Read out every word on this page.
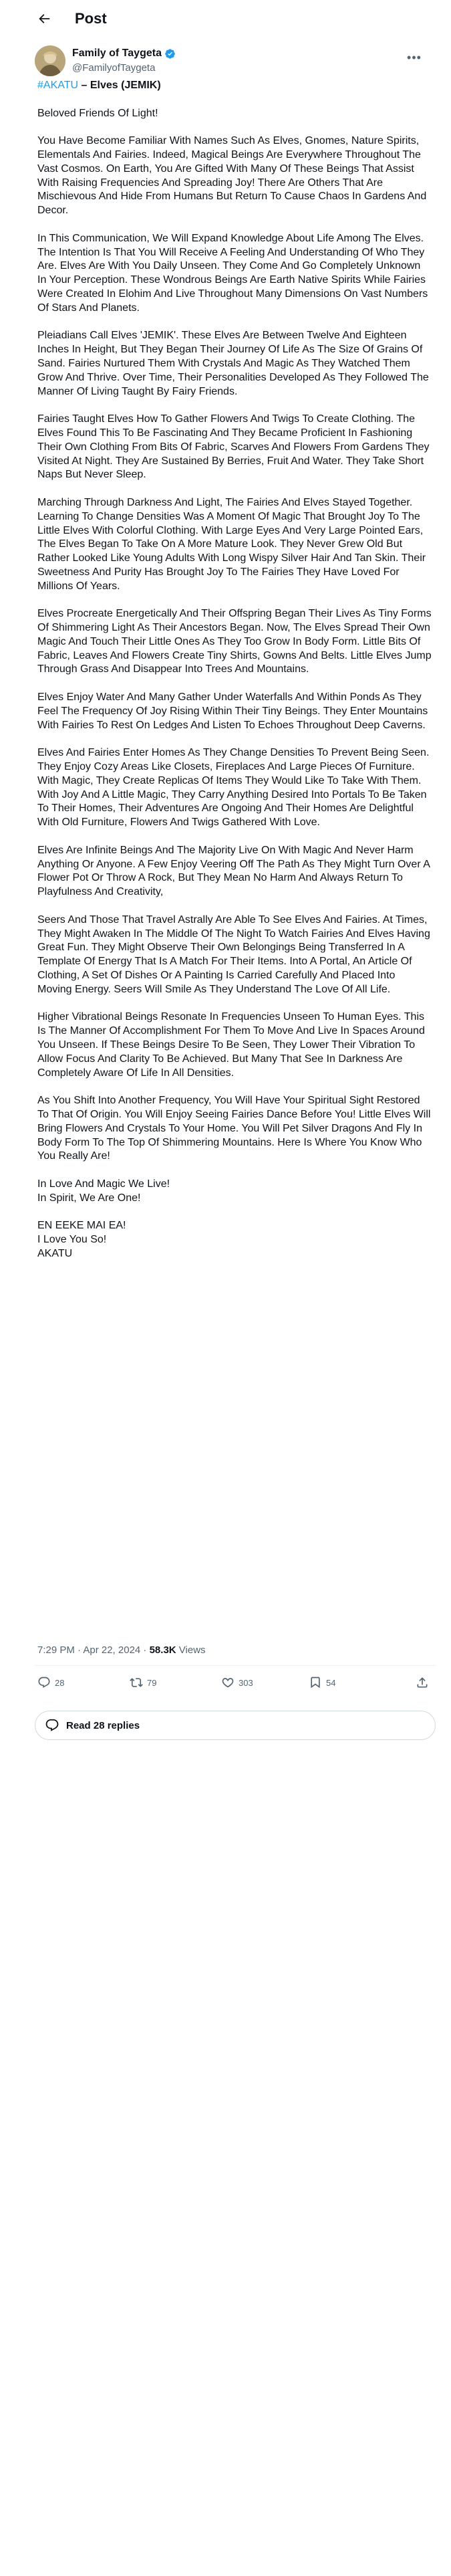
Post
Family of Taygeta
@FamilyofTaygeta
•••

#AKATU – Elves (JEMIK)

Beloved Friends Of Light!

You Have Become Familiar With Names Such As Elves, Gnomes, Nature Spirits, Elementals And Fairies. Indeed, Magical Beings Are Everywhere Throughout The Vast Cosmos. On Earth, You Are Gifted With Many Of These Beings That Assist With Raising Frequencies And Spreading Joy! There Are Others That Are Mischievous And Hide From Humans But Return To Cause Chaos In Gardens And Decor.

In This Communication, We Will Expand Knowledge About Life Among The Elves. The Intention Is That You Will Receive A Feeling And Understanding Of Who They Are. Elves Are With You Daily Unseen. They Come And Go Completely Unknown In Your Perception. These Wondrous Beings Are Earth Native Spirits While Fairies Were Created In Elohim And Live Throughout Many Dimensions On Vast Numbers Of Stars And Planets.

Pleiadians Call Elves 'JEMIK'. These Elves Are Between Twelve And Eighteen Inches In Height, But They Began Their Journey Of Life As The Size Of Grains Of Sand. Fairies Nurtured Them With Crystals And Magic As They Watched Them Grow And Thrive. Over Time, Their Personalities Developed As They Followed The Manner Of Living Taught By Fairy Friends.

Fairies Taught Elves How To Gather Flowers And Twigs To Create Clothing. The Elves Found This To Be Fascinating And They Became Proficient In Fashioning Their Own Clothing From Bits Of Fabric, Scarves And Flowers From Gardens They Visited At Night. They Are Sustained By Berries, Fruit And Water. They Take Short Naps But Never Sleep.

Marching Through Darkness And Light, The Fairies And Elves Stayed Together. Learning To Change Densities Was A Moment Of Magic That Brought Joy To The Little Elves With Colorful Clothing. With Large Eyes And Very Large Pointed Ears, The Elves Began To Take On A More Mature Look. They Never Grew Old But Rather Looked Like Young Adults With Long Wispy Silver Hair And Tan Skin. Their Sweetness And Purity Has Brought Joy To The Fairies They Have Loved For Millions Of Years.

Elves Procreate Energetically And Their Offspring Began Their Lives As Tiny Forms Of Shimmering Light As Their Ancestors Began. Now, The Elves Spread Their Own Magic And Touch Their Little Ones As They Too Grow In Body Form. Little Bits Of Fabric, Leaves And Flowers Create Tiny Shirts, Gowns And Belts. Little Elves Jump Through Grass And Disappear Into Trees And Mountains.

Elves Enjoy Water And Many Gather Under Waterfalls And Within Ponds As They Feel The Frequency Of Joy Rising Within Their Tiny Beings. They Enter Mountains With Fairies To Rest On Ledges And Listen To Echoes Throughout Deep Caverns.

Elves And Fairies Enter Homes As They Change Densities To Prevent Being Seen. They Enjoy Cozy Areas Like Closets, Fireplaces And Large Pieces Of Furniture. With Magic, They Create Replicas Of Items They Would Like To Take With Them. With Joy And A Little Magic, They Carry Anything Desired Into Portals To Be Taken To Their Homes, Their Adventures Are Ongoing And Their Homes Are Delightful With Old Furniture, Flowers And Twigs Gathered With Love.

Elves Are Infinite Beings And The Majority Live On With Magic And Never Harm Anything Or Anyone. A Few Enjoy Veering Off The Path As They Might Turn Over A Flower Pot Or Throw A Rock, But They Mean No Harm And Always Return To Playfulness And Creativity,

Seers And Those That Travel Astrally Are Able To See Elves And Fairies. At Times, They Might Awaken In The Middle Of The Night To Watch Fairies And Elves Having Great Fun. They Might Observe Their Own Belongings Being Transferred In A Template Of Energy That Is A Match For Their Items. Into A Portal, An Article Of Clothing, A Set Of Dishes Or A Painting Is Carried Carefully And Placed Into Moving Energy. Seers Will Smile As They Understand The Love Of All Life.

Higher Vibrational Beings Resonate In Frequencies Unseen To Human Eyes. This Is The Manner Of Accomplishment For Them To Move And Live In Spaces Around You Unseen. If These Beings Desire To Be Seen, They Lower Their Vibration To Allow Focus And Clarity To Be Achieved. But Many That See In Darkness Are Completely Aware Of Life In All Densities.

As You Shift Into Another Frequency, You Will Have Your Spiritual Sight Restored To That Of Origin. You Will Enjoy Seeing Fairies Dance Before You! Little Elves Will Bring Flowers And Crystals To Your Home. You Will Pet Silver Dragons And Fly In Body Form To The Top Of Shimmering Mountains. Here Is Where You Know Who You Really Are!

In Love And Magic We Live!

In Spirit, We Are One!

EN EEKE MAI EA!

I Love You So!

AKATU

7:29 PM · Apr 22, 2024 · 58.3K Views
28	79	303	54
Read 28 replies
